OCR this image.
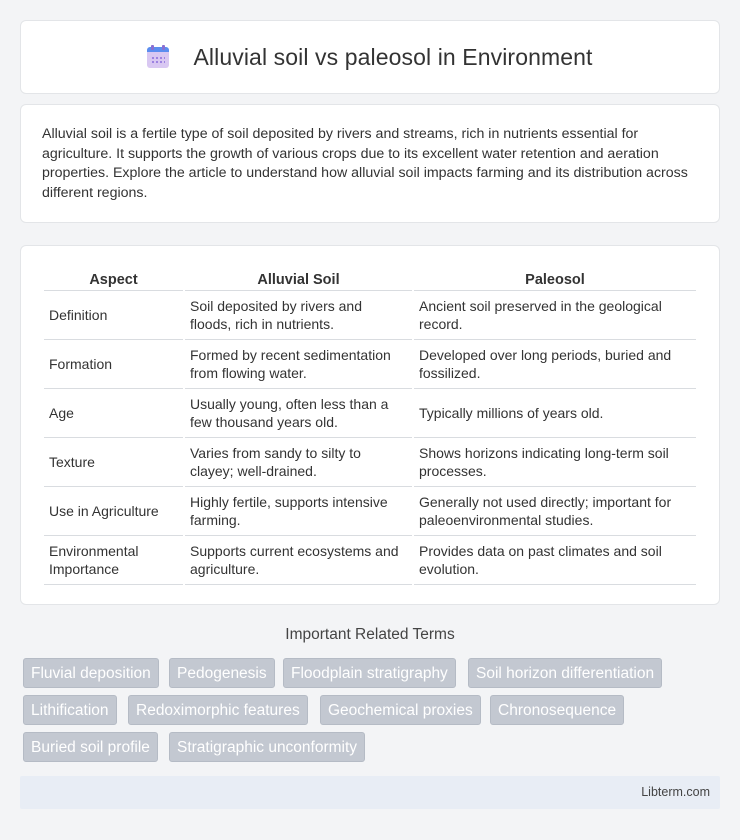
Alluvial soil vs paleosol in Environment

Alluvial soil is a fertile type of soil deposited by rivers and streams, rich in nutrients essential for agriculture. It supports the growth of various crops due to its excellent water retention and aeration properties. Explore the article to understand how alluvial soil impacts farming and its distribution across different regions.

Aspect	Alluvial Soil	Paleosol
Definition	Soil deposited by rivers and floods, rich in nutrients.	Ancient soil preserved in the geological record.
Formation	Formed by recent sedimentation from flowing water.	Developed over long periods, buried and fossilized.
Age	Usually young, often less than a few thousand years old.	Typically millions of years old.
Texture	Varies from sandy to silty to clayey; well-drained.	Shows horizons indicating long-term soil processes.
Use in Agriculture	Highly fertile, supports intensive farming.	Generally not used directly; important for paleoenvironmental studies.
Environmental Importance	Supports current ecosystems and agriculture.	Provides data on past climates and soil evolution.
Important Related Terms
Fluvial deposition	Pedogenesis	Floodplain stratigraphy	Soil horizon differentiation
Lithification	Redoximorphic features	Geochemical proxies	Chronosequence
Buried soil profile	Stratigraphic unconformity
Libterm.com
